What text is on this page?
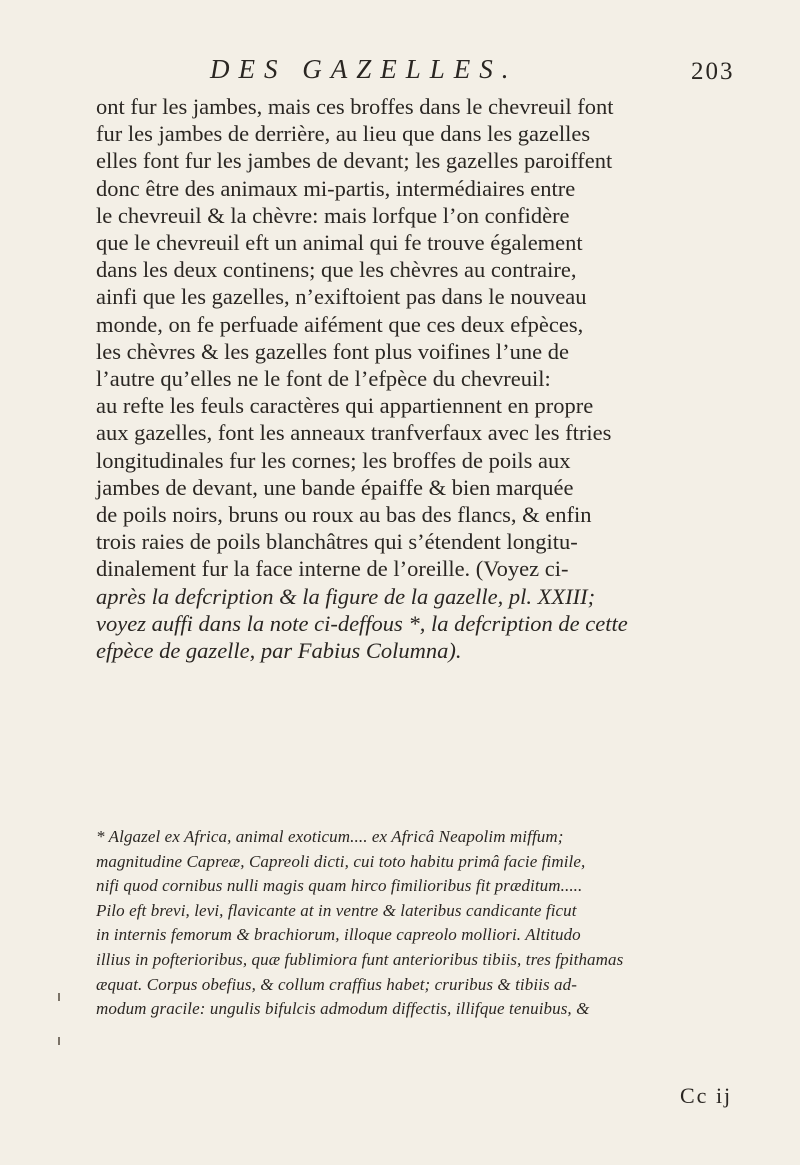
DES GAZELLES.	203
ont fur les jambes, mais ces broffes dans le chevreuil font
fur les jambes de derrière, au lieu que dans les gazelles
elles font fur les jambes de devant; les gazelles paroiffent
donc être des animaux mi-partis, intermédiaires entre
le chevreuil & la chèvre: mais lorfque l’on confidère
que le chevreuil eft un animal qui fe trouve également
dans les deux continens; que les chèvres au contraire,
ainfi que les gazelles, n’exiftoient pas dans le nouveau
monde, on fe perfuade aifément que ces deux efpèces,
les chèvres & les gazelles font plus voifines l’une de
l’autre qu’elles ne le font de l’efpèce du chevreuil:
au refte les feuls caractères qui appartiennent en propre
aux gazelles, font les anneaux tranfverfaux avec les ftries
longitudinales fur les cornes; les broffes de poils aux
jambes de devant, une bande épaiffe & bien marquée
de poils noirs, bruns ou roux au bas des flancs, & enfin
trois raies de poils blanchâtres qui s’étendent longitu-
dinalement fur la face interne de l’oreille. (Voyez ci-
après la defcription & la figure de la gazelle, pl. XXIII;
voyez auffi dans la note ci-deffous *, la defcription de cette
efpèce de gazelle, par Fabius Columna).
* Algazel ex Africa, animal exoticum.... ex Africâ Neapolim miffum;
magnitudine Capreæ, Capreoli dicti, cui toto habitu primâ facie fimile,
nifi quod cornibus nulli magis quam hirco fimilioribus fit præditum.....
Pilo eft brevi, levi, flavicante at in ventre & lateribus candicante ficut
in internis femorum & brachiorum, illoque capreolo molliori. Altitudo
illius in pofterioribus, quæ fublimiora funt anterioribus tibiis, tres fpithamas
æquat. Corpus obefius, & collum craffius habet; cruribus & tibiis ad-
modum gracile: ungulis bifulcis admodum diffectis, illifque tenuibus, &
Cc ij
